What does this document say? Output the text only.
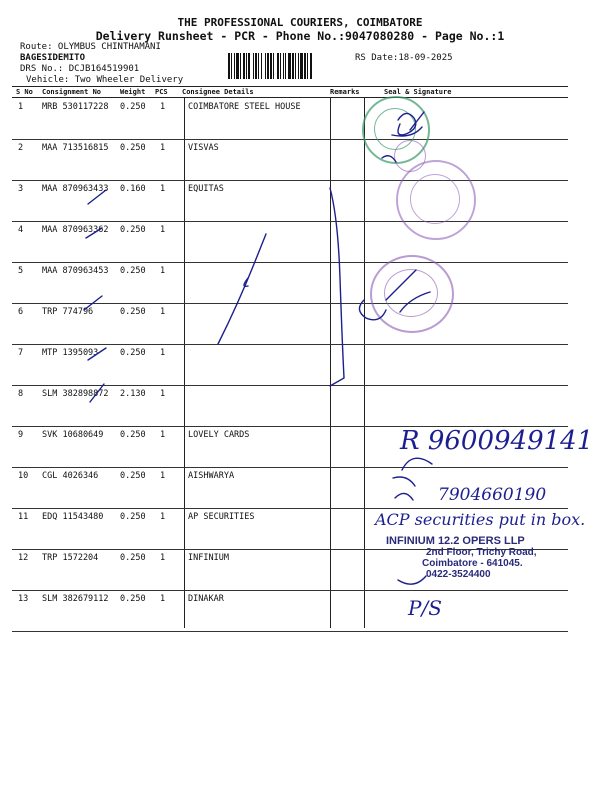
THE PROFESSIONAL COURIERS, COIMBATORE
Delivery Runsheet - PCR - Phone No.:9047080280 - Page No.:1
Route: OLYMBUS CHINTHAMANI
BAGESIDEMITO
DRS No.: DCJB164519901
Vehicle: Two Wheeler Delivery
RS Date:18-09-2025
S No Consignment No	Weight PCS Consignee Details	Remarks	Seal & Signature
1 MRB 530117228 0.250 1	COIMBATORE STEEL HOUSE
2 MAA 713516815 0.250 1	VISVAS
3 MAA 870963433 0.160 1	EQUITAS
4 MAA 870963362 0.250 1
5 MAA 870963453 0.250 1
6 TRP 774796	0.250 1
7 MTP 1395093	0.250 1
8 SLM 382898872 2.130 1
9 SVK 10680649 0.250 1	LOVELY CARDS
10 CGL 4026346	0.250 1	AISHWARYA
11 EDQ 11543480 0.250 1	AP SECURITIES
12 TRP 1572204	0.250 1	INFINIUM
13 SLM 382679112 0.250 1	DINAKAR
R 9600949141
7904660190
ACP securities put in box.
P/S
INFINIUM 12.2 OPERS LLP
2nd Floor, Trichy Road,
Coimbatore - 641045.
0422-3524400
